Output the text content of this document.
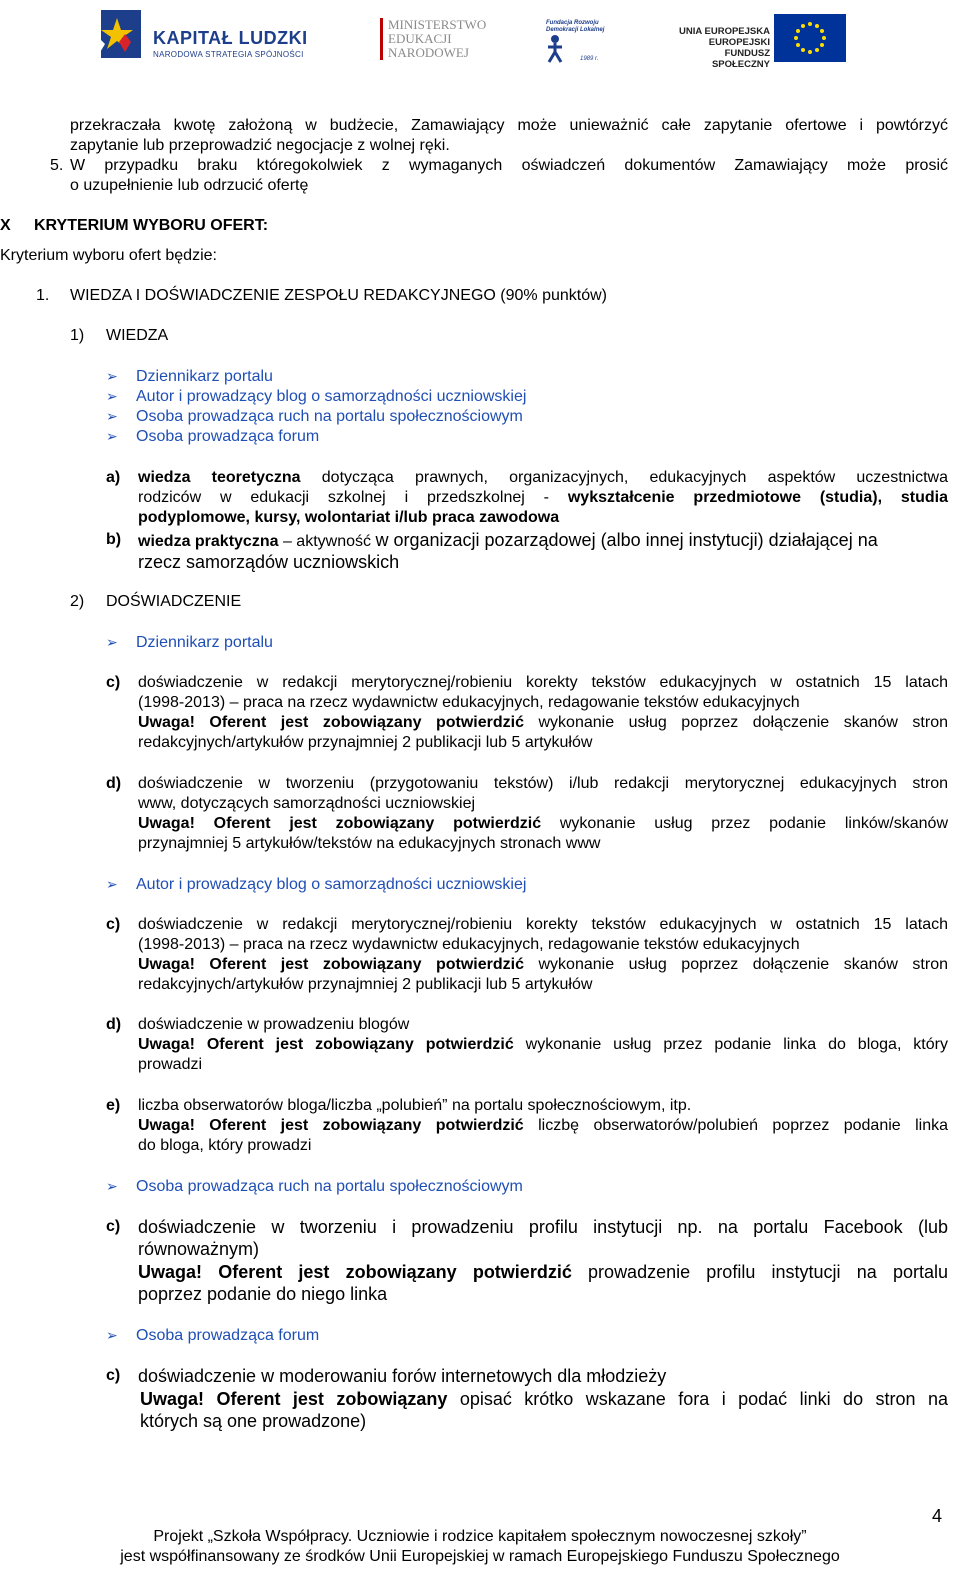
KAPITAŁ LUDZKI
NARODOWA STRATEGIA SPÓJNOŚCI
MINISTERSTWO
EDUKACJI
NARODOWEJ
Fundacja Rozwoju
Demokracji Lokalnej
1989 r.
UNIA EUROPEJSKA
EUROPEJSKI
FUNDUSZ SPOŁECZNY
przekraczała kwotę założoną w budżecie, Zamawiający może unieważnić całe zapytanie ofertowe i powtórzyć
zapytanie lub przeprowadzić negocjacje z wolnej ręki.
5. W przypadku braku któregokolwiek z wymaganych oświadczeń dokumentów Zamawiający może prosić
o uzupełnienie lub odrzucić ofertę
X KRYTERIUM WYBORU OFERT:
Kryterium wyboru ofert będzie:
1. WIEDZA I DOŚWIADCZENIE ZESPOŁU REDAKCYJNEGO (90% punktów)
1) WIEDZA
➢ Dziennikarz portalu
➢ Autor i prowadzący blog o samorządności uczniowskiej
➢ Osoba prowadząca ruch na portalu społecznościowym
➢ Osoba prowadząca forum
a) wiedza teoretyczna dotycząca prawnych, organizacyjnych, edukacyjnych aspektów uczestnictwa
rodziców w edukacji szkolnej i przedszkolnej - wykształcenie przedmiotowe (studia), studia
podyplomowe, kursy, wolontariat i/lub praca zawodowa
b) wiedza praktyczna – aktywność w organizacji pozarządowej (albo innej instytucji) działającej na
rzecz samorządów uczniowskich
2) DOŚWIADCZENIE
➢ Dziennikarz portalu
c) doświadczenie w redakcji merytorycznej/robieniu korekty tekstów edukacyjnych w ostatnich 15 latach
(1998-2013) – praca na rzecz wydawnictw edukacyjnych, redagowanie tekstów edukacyjnych
Uwaga! Oferent jest zobowiązany potwierdzić wykonanie usług poprzez dołączenie skanów stron
redakcyjnych/artykułów przynajmniej 2 publikacji lub 5 artykułów
d) doświadczenie w tworzeniu (przygotowaniu tekstów) i/lub redakcji merytorycznej edukacyjnych stron
www, dotyczących samorządności uczniowskiej
Uwaga! Oferent jest zobowiązany potwierdzić wykonanie usług przez podanie linków/skanów
przynajmniej 5 artykułów/tekstów na edukacyjnych stronach www
➢ Autor i prowadzący blog o samorządności uczniowskiej
c) doświadczenie w redakcji merytorycznej/robieniu korekty tekstów edukacyjnych w ostatnich 15 latach
(1998-2013) – praca na rzecz wydawnictw edukacyjnych, redagowanie tekstów edukacyjnych
Uwaga! Oferent jest zobowiązany potwierdzić wykonanie usług poprzez dołączenie skanów stron
redakcyjnych/artykułów przynajmniej 2 publikacji lub 5 artykułów
d) doświadczenie w prowadzeniu blogów
Uwaga! Oferent jest zobowiązany potwierdzić wykonanie usług przez podanie linka do bloga, który
prowadzi
e) liczba obserwatorów bloga/liczba „polubień” na portalu społecznościowym, itp.
Uwaga! Oferent jest zobowiązany potwierdzić liczbę obserwatorów/polubień poprzez podanie linka
do bloga, który prowadzi
➢ Osoba prowadząca ruch na portalu społecznościowym
c) doświadczenie w tworzeniu i prowadzeniu profilu instytucji np. na portalu Facebook (lub
równoważnym)
Uwaga! Oferent jest zobowiązany potwierdzić prowadzenie profilu instytucji na portalu
poprzez podanie do niego linka
➢ Osoba prowadząca forum
c) doświadczenie w moderowaniu forów internetowych dla młodzieży
Uwaga! Oferent jest zobowiązany opisać krótko wskazane fora i podać linki do stron na
których są one prowadzone)
4
Projekt „Szkoła Współpracy. Uczniowie i rodzice kapitałem społecznym nowoczesnej szkoły”
jest współfinansowany ze środków Unii Europejskiej w ramach Europejskiego Funduszu Społecznego
